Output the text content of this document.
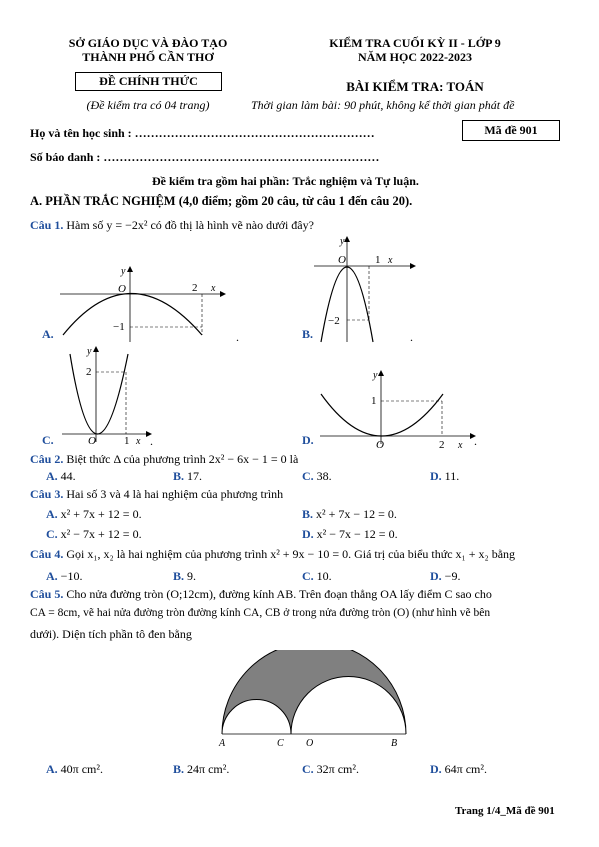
SỞ GIÁO DỤC VÀ ĐÀO TẠO
THÀNH PHỐ CẦN THƠ
ĐỀ CHÍNH THỨC
(Đề kiểm tra có 04 trang)
KIỂM TRA CUỐI KỲ II - LỚP 9
NĂM HỌC 2022-2023
BÀI KIỂM TRA: TOÁN
Thời gian làm bài: 90 phút, không kể thời gian phát đề
Họ và tên học sinh : ……………………………………………………	Mã đề 901
Số báo danh : ……………………………………………………………
Đề kiểm tra gồm hai phần: Trắc nghiệm và Tự luận.
A. PHẦN TRẮC NGHIỆM (4,0 điểm; gồm 20 câu, từ câu 1 đến câu 20).
Câu 1. Hàm số y = −2x² có đồ thị là hình vẽ nào dưới đây?
A.
y
O	2 x
−1
.	B.
y
O	1 x
−2
.
C.
y
2
O	1 x .	D.
y
1
O	2 x .
Câu 2. Biệt thức Δ của phương trình 2x² − 6x − 1 = 0 là
A. 44.	B. 17.	C. 38.	D. 11.
Câu 3. Hai số 3 và 4 là hai nghiệm của phương trình
A. x² + 7x + 12 = 0.	B. x² + 7x − 12 = 0.
C. x² − 7x + 12 = 0.	D. x² − 7x − 12 = 0.
Câu 4. Gọi x₁, x₂ là hai nghiệm của phương trình x² + 9x − 10 = 0. Giá trị của biểu thức x₁ + x₂ bằng
A. −10.	B. 9.	C. 10.	D. −9.
Câu 5. Cho nửa đường tròn (O;12cm), đường kính AB. Trên đoạn thẳng OA lấy điểm C sao cho
CA = 8cm, vẽ hai nửa đường tròn đường kính CA, CB ở trong nửa đường tròn (O) (như hình vẽ bên
dưới). Diện tích phần tô đen bằng
A	C O	B
A. 40π cm².	B. 24π cm².	C. 32π cm².	D. 64π cm².
Trang 1/4_Mã đề 901
